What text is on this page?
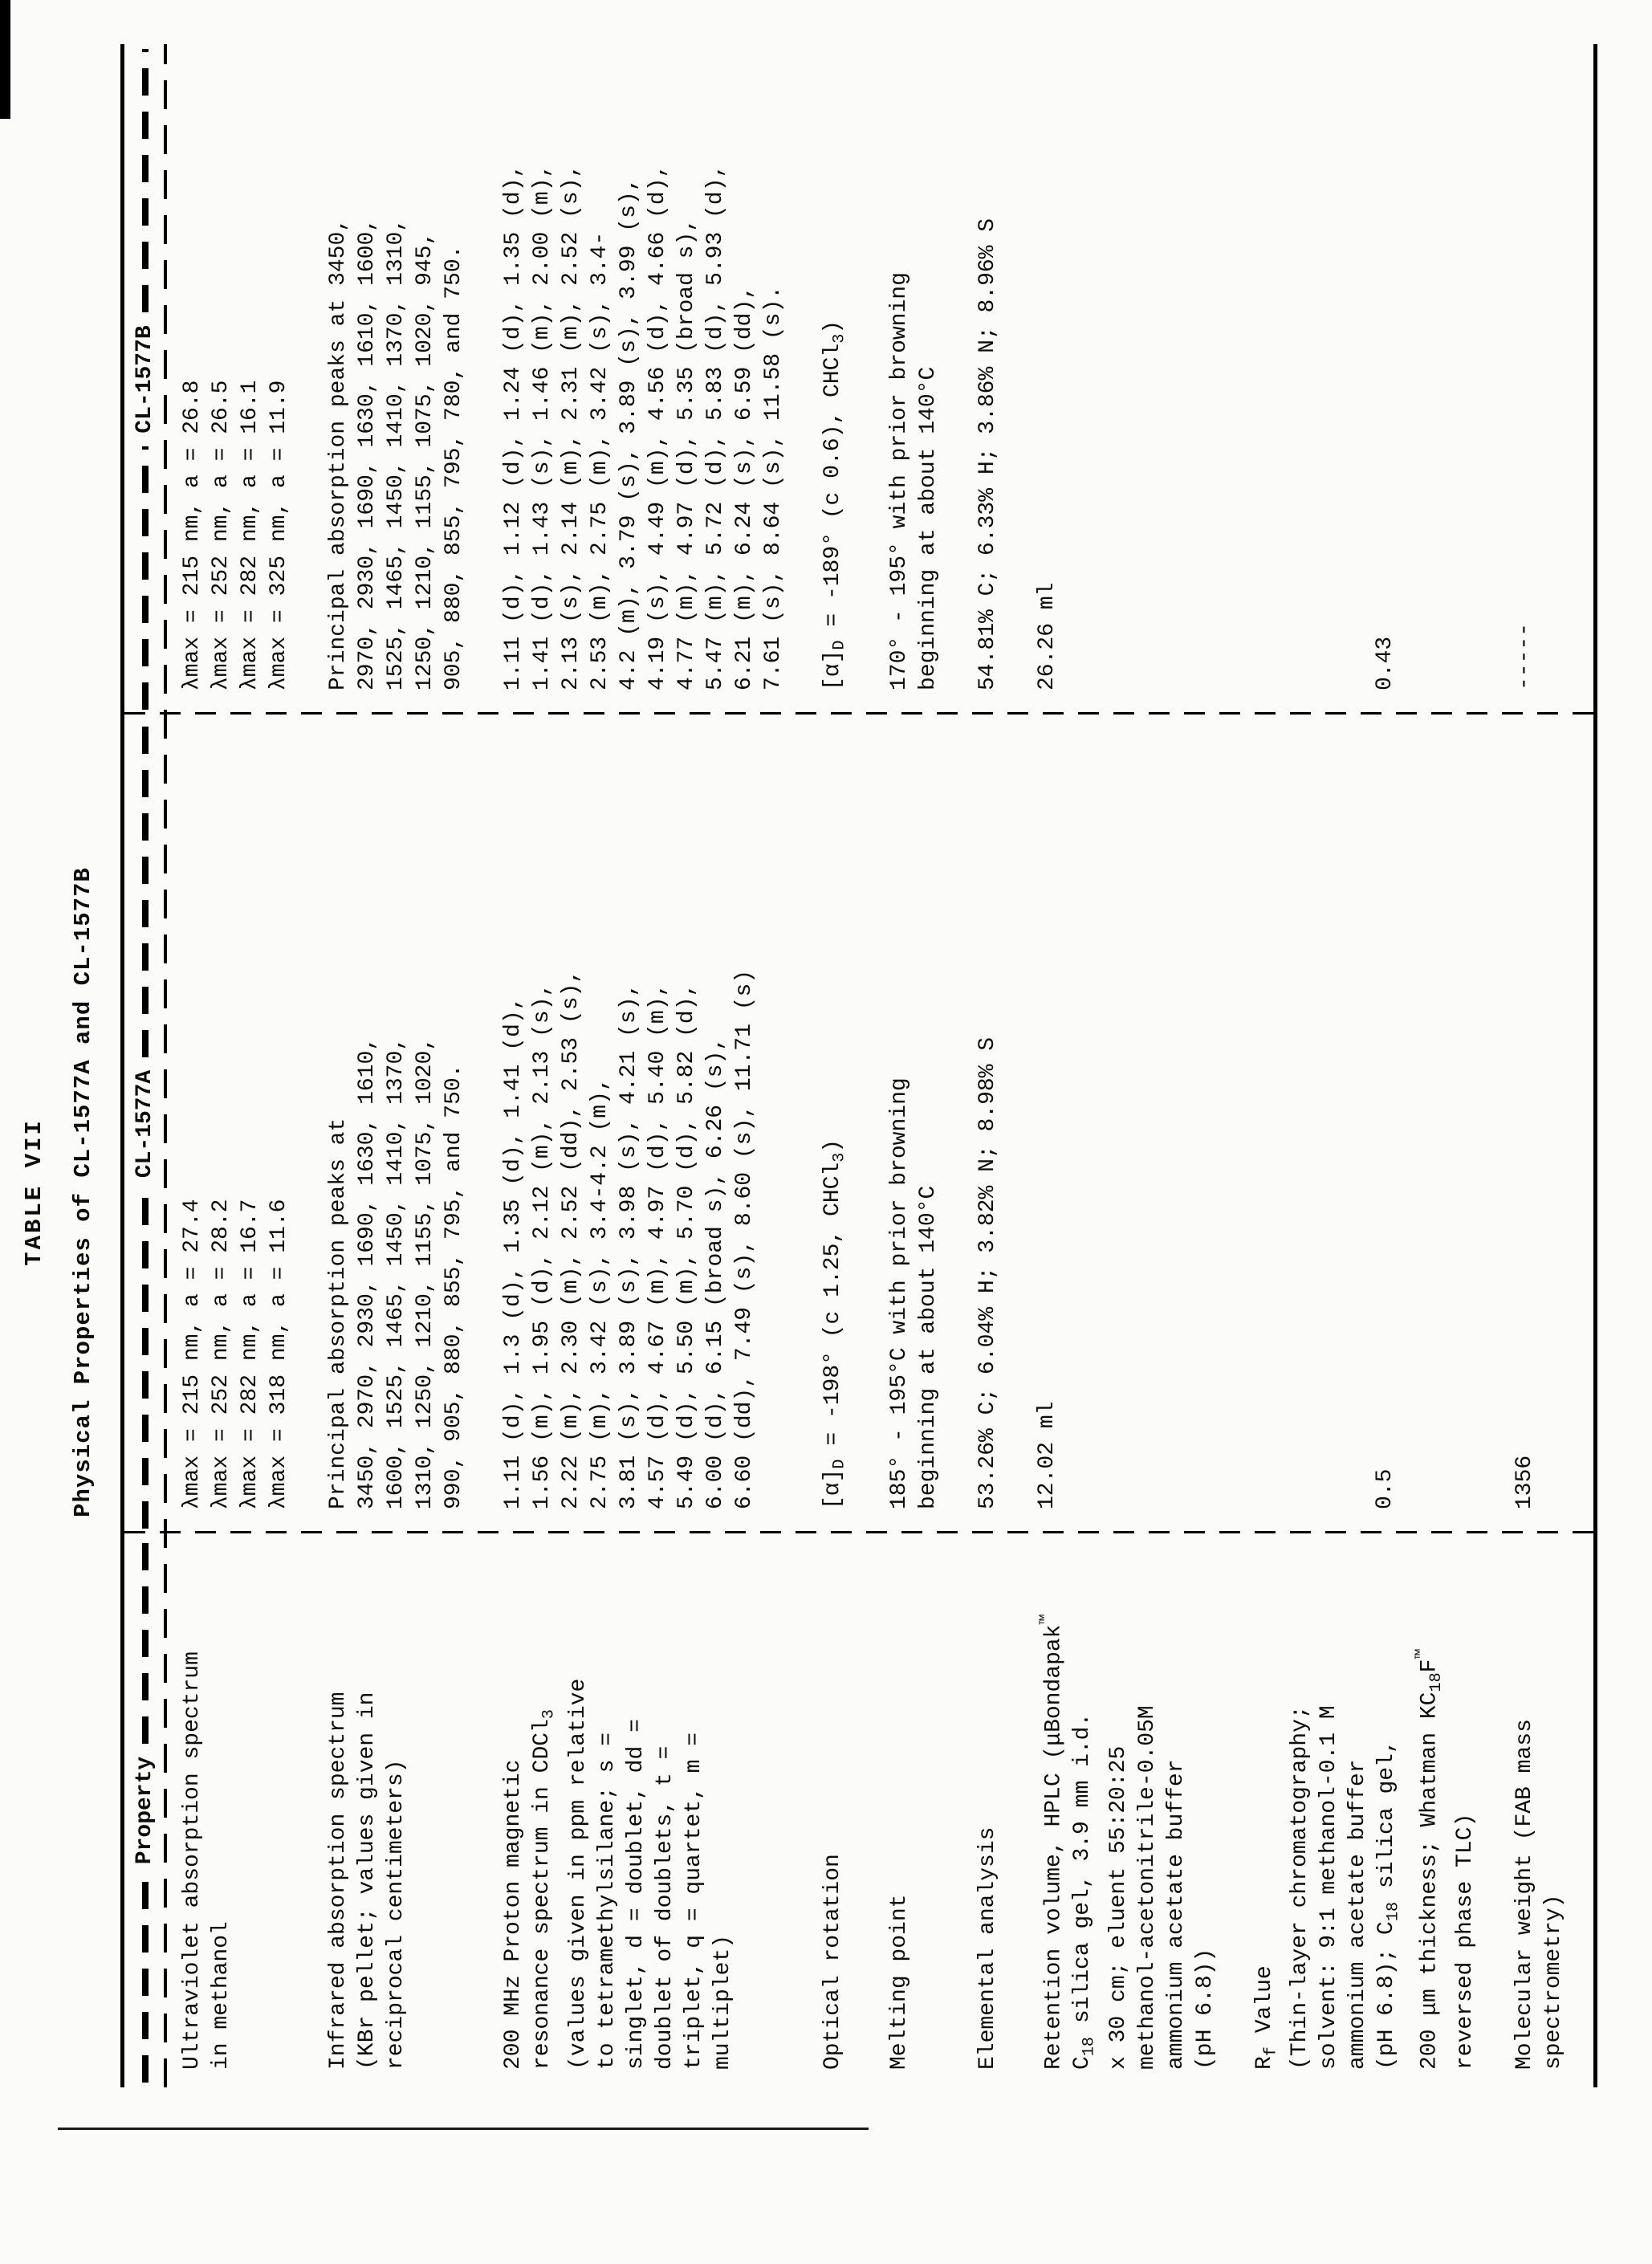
TABLE VII Physical Properties of CL-1577A and CL-1577B
Property
CL-1577A
CL-1577B
Ultraviolet absorption spectrum in methanol
λmax = 215 nm, a = 27.4 λmax = 252 nm, a = 28.2 λmax = 282 nm, a = 16.7 λmax = 318 nm, a = 11.6
λmax = 215 nm, a = 26.8 λmax = 252 nm, a = 26.5 λmax = 282 nm, a = 16.1 λmax = 325 nm, a = 11.9
Infrared absorption spectrum (KBr pellet; values given in reciprocal centimeters)
Principal absorption peaks at 3450, 2970, 2930, 1690, 1630, 1610, 1600, 1525, 1465, 1450, 1410, 1370, 1310, 1250, 1210, 1155, 1075, 1020, 990, 905, 880, 855, 795, and 750.
Principal absorption peaks at 3450, 2970, 2930, 1690, 1630, 1610, 1600, 1525, 1465, 1450, 1410, 1370, 1310, 1250, 1210, 1155, 1075, 1020, 945, 905, 880, 855, 795, 780, and 750.
200 MHz Proton magnetic resonance spectrum in CDCl$_3$ (values given in ppm relative to tetramethylsilane; s = singlet, d = doublet, dd = doublet of doublets, t = triplet, q = quartet, m = multiplet)
1.11 (d), 1.3 (d), 1.35 (d), 1.41 (d), 1.56 (m), 1.95 (d), 2.12 (m), 2.13 (s), 2.22 (m), 2.30 (m), 2.52 (dd), 2.53 (s), 2.75 (m), 3.42 (s), 3.4-4.2 (m), 3.81 (s), 3.89 (s), 3.98 (s), 4.21 (s), 4.57 (d), 4.67 (m), 4.97 (d), 5.40 (m), 5.49 (d), 5.50 (m), 5.70 (d), 5.82 (d), 6.00 (d), 6.15 (broad s), 6.26 (s), 6.60 (dd), 7.49 (s), 8.60 (s), 11.71 (s)
1.11 (d), 1.12 (d), 1.24 (d), 1.35 (d), 1.41 (d), 1.43 (s), 1.46 (m), 2.00 (m), 2.13 (s), 2.14 (m), 2.31 (m), 2.52 (s), 2.53 (m), 2.75 (m), 3.42 (s), 3.4- 4.2 (m), 3.79 (s), 3.89 (s), 3.99 (s), 4.19 (s), 4.49 (m), 4.56 (d), 4.66 (d), 4.77 (m), 4.97 (d), 5.35 (broad s), 5.47 (m), 5.72 (d), 5.83 (d), 5.93 (d), 6.21 (m), 6.24 (s), 6.59 (dd), 7.61 (s), 8.64 (s), 11.58 (s).
Optical rotation
$[\alpha]_D = -198^\circ$ (c 1.25, CHCl$_3$)
$[\alpha]_D = -189^\circ$ (c 0.6), CHCl$_3$)
Melting point
185° - 195°C with prior browning beginning at about 140°C
170° - 195° with prior browning beginning at about 140°C
Elemental analysis
53.26% C; 6.04% H; 3.82% N; 8.98% S
54.81% C; 6.33% H; 3.86% N; 8.96% S
Retention volume, HPLC (μBondapak™
$C_{18}$ silica gel, 3.9 mm i.d. x 30 cm; eluent 55:20:25 methanol-acetonitrile-0.05M ammonium acetate buffer (pH 6.8))
12.02 ml
26.26 ml
$R_f$ Value (Thin-layer chromatography; solvent: 9:1 methanol-0.1 M ammonium acetate buffer (pH 6.8); $C_{18}$ silica gel, 200 μm thickness; Whatman $KC_{18}F™$
reversed phase TLC)
0.5
0.43
Molecular weight (FAB mass spectrometry)
1356
-----
